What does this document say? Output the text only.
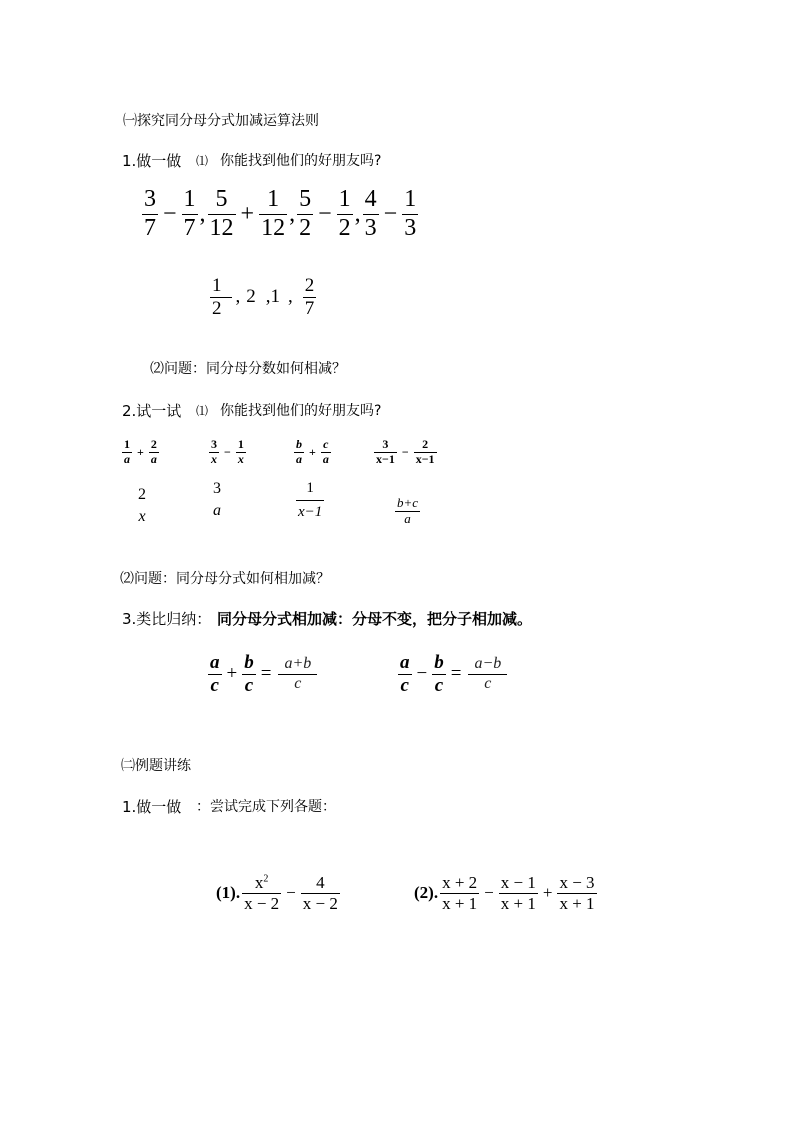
㈠探究同分母分式加减运算法则
1.做一做 ⑴ 你能找到他们的好朋友吗?
$\frac{3}{7} - \frac{1}{7}$ , $\frac{5}{12} + \frac{1}{12}$ , $\frac{5}{2} - \frac{1}{2}$ , $\frac{4}{3} - \frac{1}{3}$
$\frac{1}{2}$ , 2 , 1 , $\frac{2}{7}$
⑵问题：同分母分数如何相减？
2.试一试 ⑴ 你能找到他们的好朋友吗?
$\frac{1}{a} + \frac{2}{a}$	$\frac{3}{x} - \frac{1}{x}$	$\frac{b}{a} + \frac{c}{a}$	$\frac{3}{x-1} - \frac{2}{x-1}$
2
x
3
a	$\frac{1}{x-1}$	$\frac{b+c}{a}$
⑵问题：同分母分式如何相加减？
3.类比归纳： 同分母分式相加减：分母不变，把分子相加减。
$\frac{a}{c} + \frac{b}{c} = \frac{a+b}{c}$	$\frac{a}{c} - \frac{b}{c} = \frac{a-b}{c}$
㈡例题讲练
1.做一做 ：尝试完成下列各题：
(1). $\frac{x^2}{x - 2} - \frac{4}{x - 2}$	(2). $\frac{x + 2}{x + 1} - \frac{x - 1}{x + 1} + \frac{x - 3}{x + 1}$
